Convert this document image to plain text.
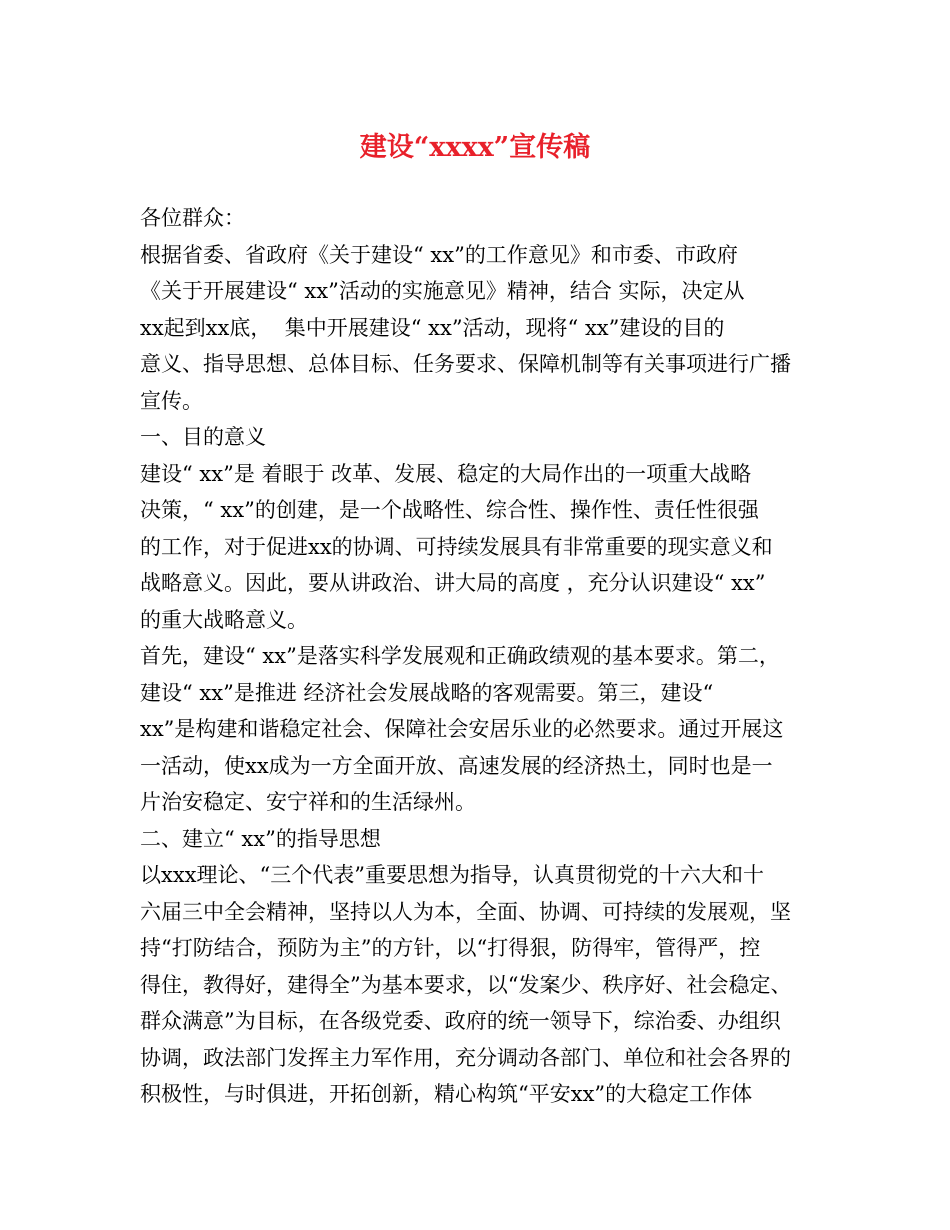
建设“xxxx”宣传稿
各位群众：
根据省委、省政府《关于建设“ xx”的工作意见》和市委、市政府
《关于开展建设“ xx”活动的实施意见》精神，结合 实际，决定从
xx起到xx底，  集中开展建设“ xx”活动，现将“ xx”建设的目的
意义、指导思想、总体目标、任务要求、保障机制等有关事项进行广播
宣传。
一、目的意义
建设“ xx”是 着眼于 改革、发展、稳定的大局作出的一项重大战略
决策，“ xx”的创建，是一个战略性、综合性、操作性、责任性很强
的工作，对于促进xx的协调、可持续发展具有非常重要的现实意义和
战略意义。因此，要从讲政治、讲大局的高度 ，充分认识建设“ xx”
的重大战略意义。
首先，建设“ xx”是落实科学发展观和正确政绩观的基本要求。第二，
建设“ xx”是推进 经济社会发展战略的客观需要。第三，建设“
xx”是构建和谐稳定社会、保障社会安居乐业的必然要求。通过开展这
一活动，使xx成为一方全面开放、高速发展的经济热土，同时也是一
片治安稳定、安宁祥和的生活绿州。
二、建立“ xx”的指导思想
以xxx理论、“三个代表”重要思想为指导，认真贯彻党的十六大和十
六届三中全会精神，坚持以人为本，全面、协调、可持续的发展观，坚
持“打防结合，预防为主”的方针，以“打得狠，防得牢，管得严，控
得住，教得好，建得全”为基本要求，以“发案少、秩序好、社会稳定、
群众满意”为目标，在各级党委、政府的统一领导下，综治委、办组织
协调，政法部门发挥主力军作用，充分调动各部门、单位和社会各界的
积极性，与时俱进，开拓创新，精心构筑“平安xx”的大稳定工作体
